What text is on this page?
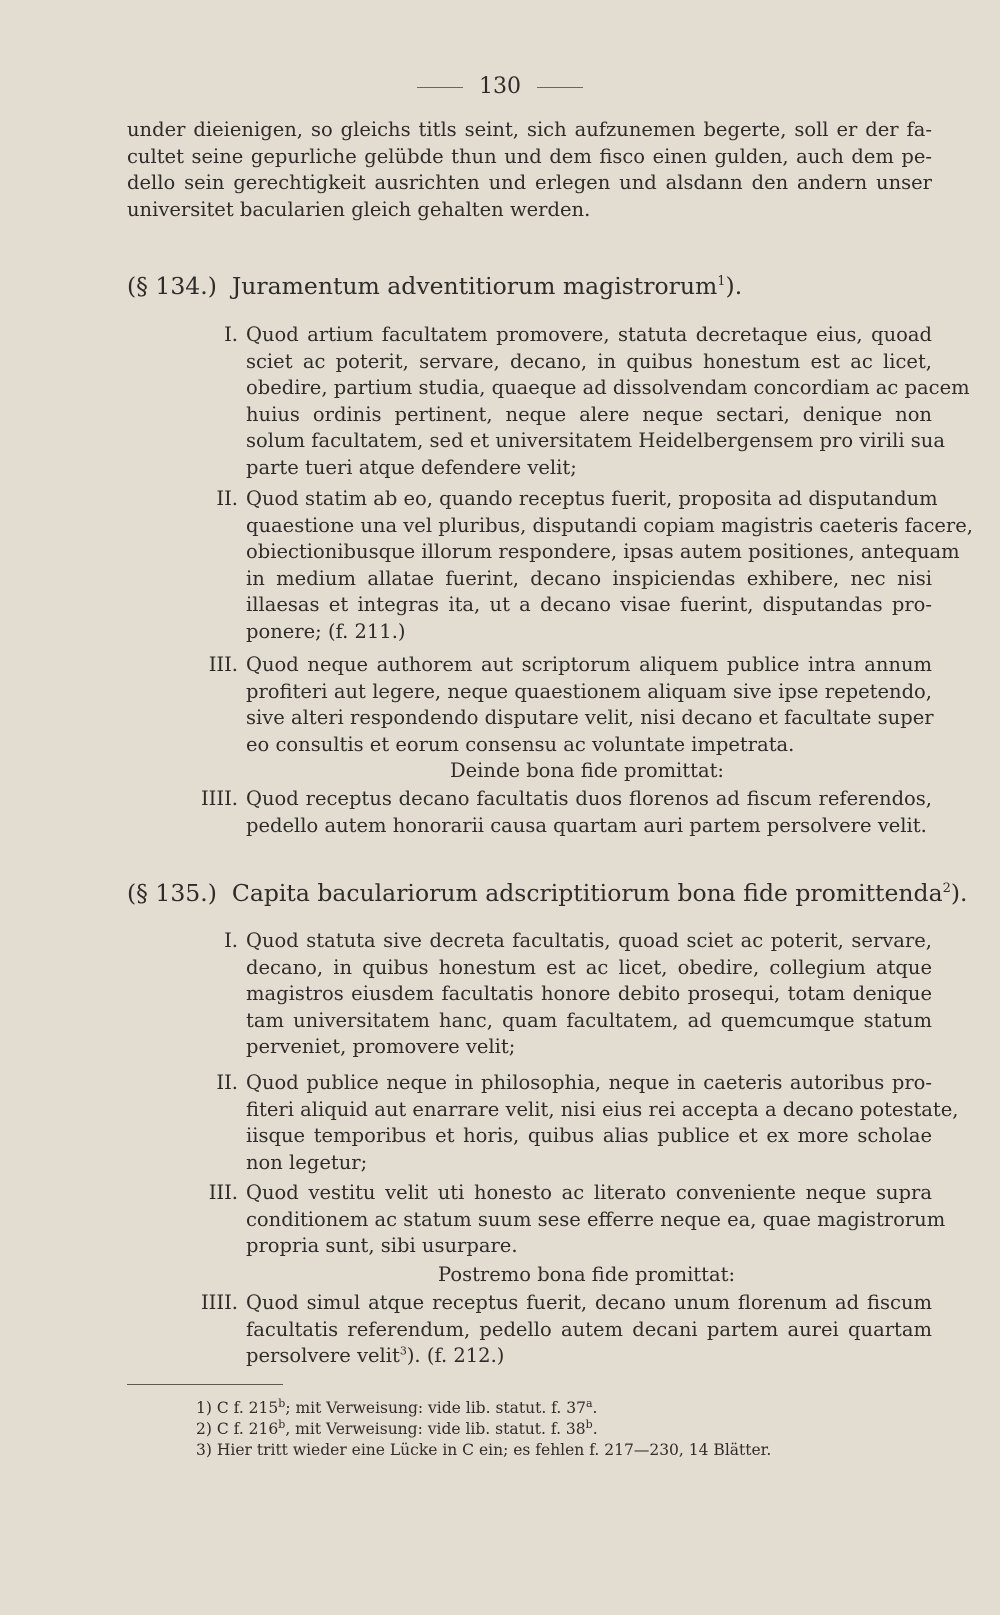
130
under dieienigen, so gleichs titls seint, sich aufzunemen begerte, soll er der fa-
cultet seine gepurliche gelübde thun und dem fisco einen gulden, auch dem pe-
dello sein gerechtigkeit ausrichten und erlegen und alsdann den andern unser
universitet bacularien gleich gehalten werden.
(§ 134.) Juramentum adventitiorum magistrorum$^1$).
I. Quod artium facultatem promovere, statuta decretaque eius, quoad
sciet ac poterit, servare, decano, in quibus honestum est ac licet,
obedire, partium studia, quaeque ad dissolvendam concordiam ac pacem
huius ordinis pertinent, neque alere neque sectari, denique non
solum facultatem, sed et universitatem Heidelbergensem pro virili sua
parte tueri atque defendere velit;
II. Quod statim ab eo, quando receptus fuerit, proposita ad disputandum
quaestione una vel pluribus, disputandi copiam magistris caeteris facere,
obiectionibusque illorum respondere, ipsas autem positiones, antequam
in medium allatae fuerint, decano inspiciendas exhibere, nec nisi
illaesas et integras ita, ut a decano visae fuerint, disputandas pro-
ponere; (f. 211.)
III. Quod neque authorem aut scriptorum aliquem publice intra annum
profiteri aut legere, neque quaestionem aliquam sive ipse repetendo,
sive alteri respondendo disputare velit, nisi decano et facultate super
eo consultis et eorum consensu ac voluntate impetrata.
Deinde bona fide promittat:
IIII. Quod receptus decano facultatis duos florenos ad fiscum referendos,
pedello autem honorarii causa quartam auri partem persolvere velit.
(§ 135.) Capita baculariorum adscriptitiorum bona fide promittenda$^2$).
I. Quod statuta sive decreta facultatis, quoad sciet ac poterit, servare,
decano, in quibus honestum est ac licet, obedire, collegium atque
magistros eiusdem facultatis honore debito prosequi, totam denique
tam universitatem hanc, quam facultatem, ad quemcumque statum
perveniet, promovere velit;
II. Quod publice neque in philosophia, neque in caeteris autoribus pro-
fiteri aliquid aut enarrare velit, nisi eius rei accepta a decano potestate,
iisque temporibus et horis, quibus alias publice et ex more scholae
non legetur;
III. Quod vestitu velit uti honesto ac literato conveniente neque supra
conditionem ac statum suum sese efferre neque ea, quae magistrorum
propria sunt, sibi usurpare.
Postremo bona fide promittat:
IIII. Quod simul atque receptus fuerit, decano unum florenum ad fiscum
facultatis referendum, pedello autem decani partem aurei quartam
persolvere velit$^3$). (f. 212.)
1) C f. 215$^b$; mit Verweisung: vide lib. statut. f. 37$^a$.
2) C f. 216$^b$, mit Verweisung: vide lib. statut. f. 38$^b$.
3) Hier tritt wieder eine Lücke in C ein; es fehlen f. 217—230, 14 Blätter.
